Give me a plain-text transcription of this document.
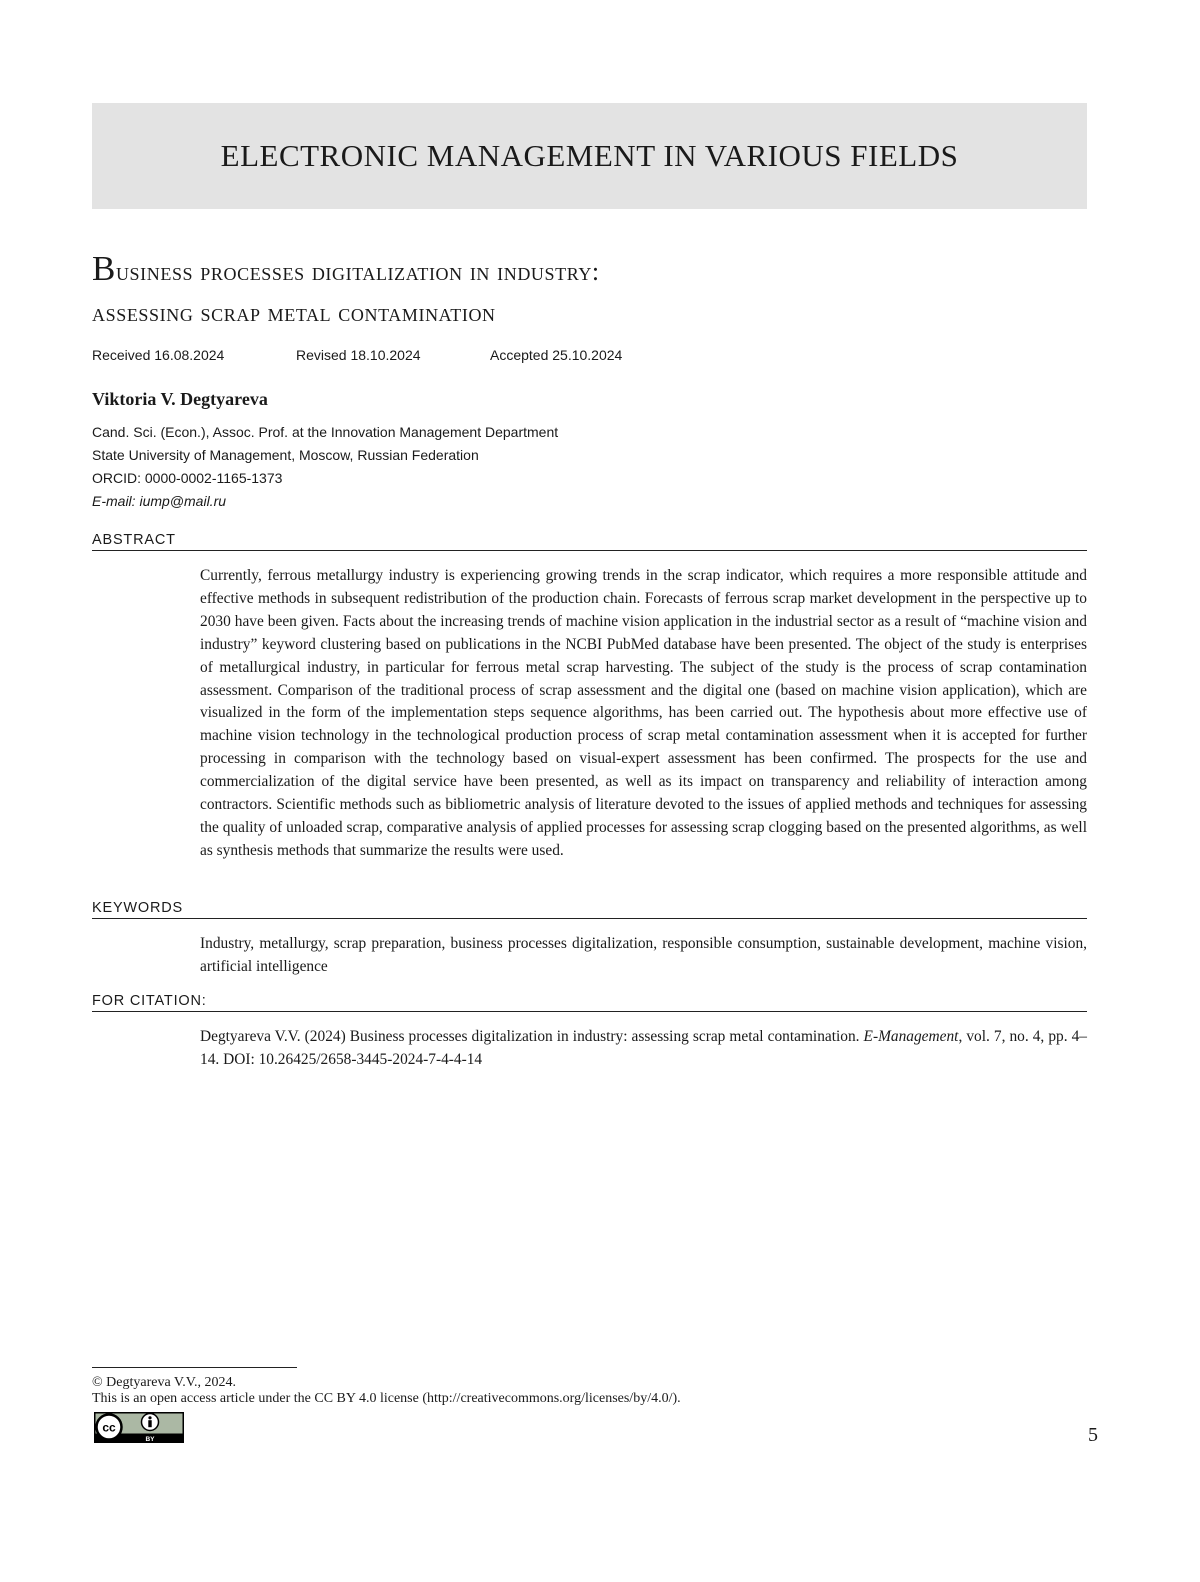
ELECTRONIC MANAGEMENT IN VARIOUS FIELDS
Business processes digitalization in industry:
assessing scrap metal contamination
Received 16.08.2024	Revised 18.10.2024	Accepted 25.10.2024
Viktoria V. Degtyareva
Cand. Sci. (Econ.), Assoc. Prof. at the Innovation Management Department
State University of Management, Moscow, Russian Federation
ORCID: 0000-0002-1165-1373
E-mail: iump@mail.ru
ABSTRACT

Currently, ferrous metallurgy industry is experiencing growing trends in the scrap indicator, which requires a more responsible attitude and effective methods in subsequent redistribution of the production chain. Forecasts of ferrous scrap market development in the perspective up to 2030 have been given. Facts about the increasing trends of machine vision application in the industrial sector as a result of “machine vision and industry” keyword clustering based on publications in the NCBI PubMed database have been presented. The object of the study is enterprises of metallurgical industry, in particular for ferrous metal scrap harvesting. The subject of the study is the process of scrap contamination assessment. Comparison of the traditional process of scrap assessment and the digital one (based on machine vision application), which are visualized in the form of the implementation steps sequence algorithms, has been carried out. The hypothesis about more effective use of machine vision technology in the technological production process of scrap metal contamination assessment when it is accepted for further processing in comparison with the technology based on visual-expert assessment has been confirmed. The prospects for the use and commercialization of the digital service have been presented, as well as its impact on transparency and reliability of interaction among contractors. Scientific methods such as bibliometric analysis of literature devoted to the issues of applied methods and techniques for assessing the quality of unloaded scrap, comparative analysis of applied processes for assessing scrap clogging based on the presented algorithms, as well as synthesis methods that summarize the results were used.

KEYWORDS

Industry, metallurgy, scrap preparation, business processes digitalization, responsible consumption, sustainable development, machine vision, artificial intelligence

FOR CITATION:

Degtyareva V.V. (2024) Business processes digitalization in industry: assessing scrap metal contamination. E-Management, vol. 7, no. 4, pp. 4–14. DOI: 10.26425/2658-3445-2024-7-4-4-14

© Degtyareva V.V., 2024.
This is an open access article under the CC BY 4.0 license (http://creativecommons.org/licenses/by/4.0/).
cc
BY	5
